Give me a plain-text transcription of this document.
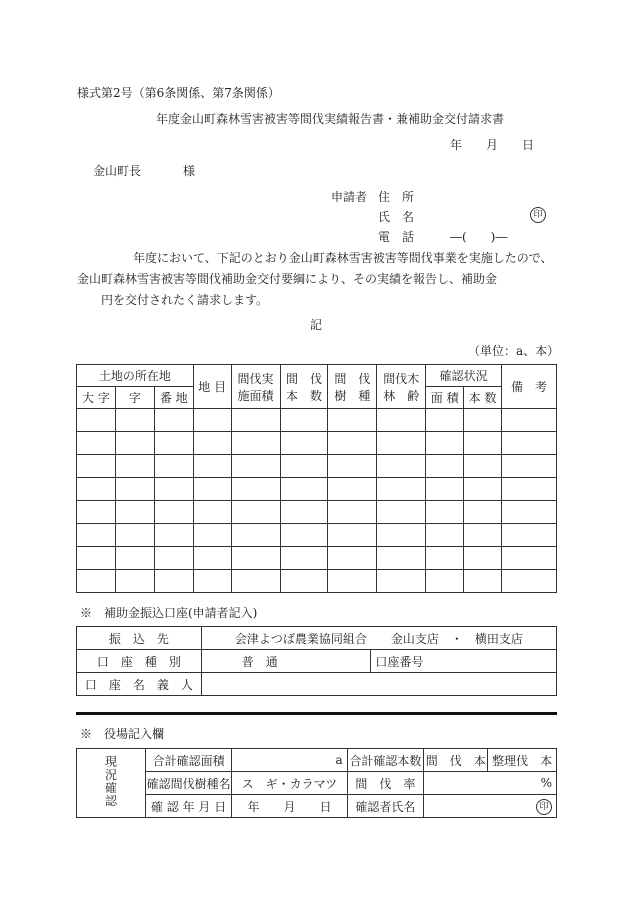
様式第2号（第6条関係、第7条関係）
年度金山町森林雪害被害等間伐実績報告書・兼補助金交付請求書
年 月 日
金山町長	様
申請者 住　所
氏　名	印
電　話	―(　　)―

年度において、下記のとおり金山町森林雪害被害等間伐事業を実施したので、

金山町森林雪害被害等間伐補助金交付要綱により、その実績を報告し、補助金

円を交付されたく請求します。

記
（単位：a、本）
土地の所在地			地 目	間伐実施面積	間　伐本　数	間　伐樹　種	間伐木林　齢	確認状況		備　考
大 字	字	番 地						面 積	本 数	

※　補助金振込口座(申請者記入)
振　込　先	会津よつば農業協同組合　　金山支店　・　横田支店	
口　座　種　別	普　通	口座番号
口　座　名　義　人		
※　役場記入欄
現況確認	合計確認面積	a	合計確認本数	間　伐　本	整理伐　本
	確認間伐樹種名	ス　ギ・カラマツ	間　伐　率	%	
	確 認 年 月 日	年　　月　　日	確認者氏名	印	
